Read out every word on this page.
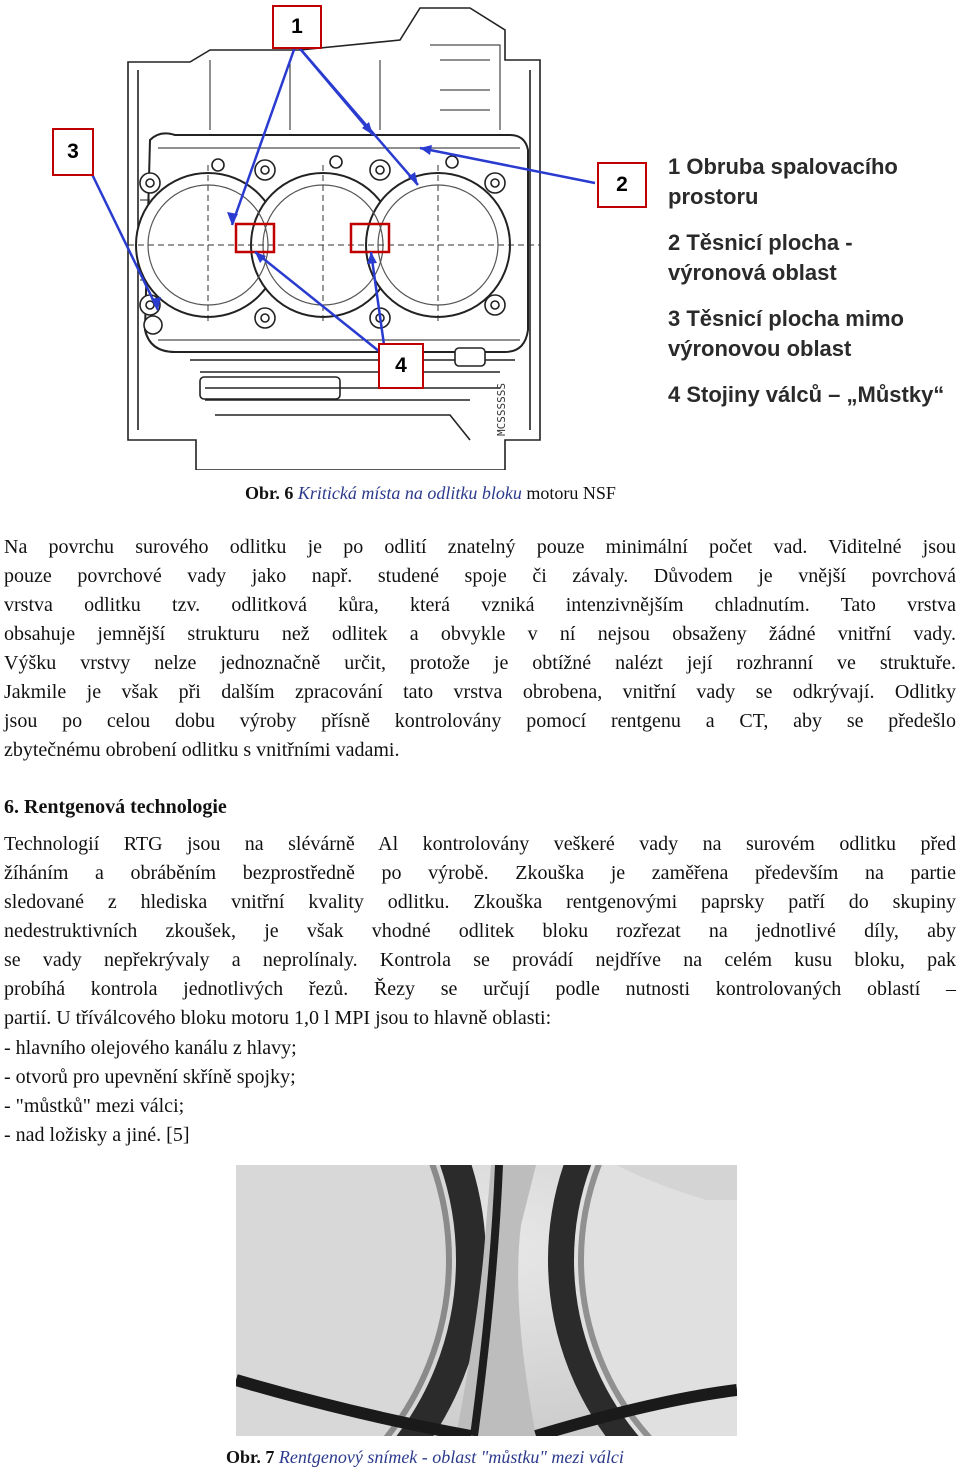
MCSSSSSS
1
3
2
4
1 Obruba spalovacího prostoru
2 Těsnicí plocha - výronová oblast
3 Těsnicí plocha mimo výronovou oblast
4 Stojiny válců – „Můstky“
Obr. 6 Kritická místa na odlitku bloku motoru NSF
Na povrchu surového odlitku je po odlití znatelný pouze minimální počet vad. Viditelné jsou
pouze povrchové vady jako např. studené spoje či závaly. Důvodem je vnější povrchová
vrstva odlitku tzv. odlitková kůra, která vzniká intenzivnějším chladnutím. Tato vrstva
obsahuje jemnější strukturu než odlitek a obvykle v ní nejsou obsaženy žádné vnitřní vady.
Výšku vrstvy nelze jednoznačně určit, protože je obtížné nalézt její rozhranní ve struktuře.
Jakmile je však při dalším zpracování tato vrstva obrobena, vnitřní vady se odkrývají. Odlitky
jsou po celou dobu výroby přísně kontrolovány pomocí rentgenu a CT, aby se předešlo
zbytečnému obrobení odlitku s vnitřními vadami.
6. Rentgenová technologie
Technologií RTG jsou na slévárně Al kontrolovány veškeré vady na surovém odlitku před
žíháním a obráběním bezprostředně po výrobě. Zkouška je zaměřena především na partie
sledované z hlediska vnitřní kvality odlitku. Zkouška rentgenovými paprsky patří do skupiny
nedestruktivních zkoušek, je však vhodné odlitek bloku rozřezat na jednotlivé díly, aby
se vady nepřekrývaly a neprolínaly. Kontrola se provádí nejdříve na celém kusu bloku, pak
probíhá kontrola jednotlivých řezů. Řezy se určují podle nutnosti kontrolovaných oblastí –
partií. U tříválcového bloku motoru 1,0 l MPI jsou to hlavně oblasti:
- hlavního olejového kanálu z hlavy;
- otvorů pro upevnění skříně spojky;
- "můstků" mezi válci;
- nad ložisky a jiné. [5]
Obr. 7 Rentgenový snímek - oblast "můstku" mezi válci
